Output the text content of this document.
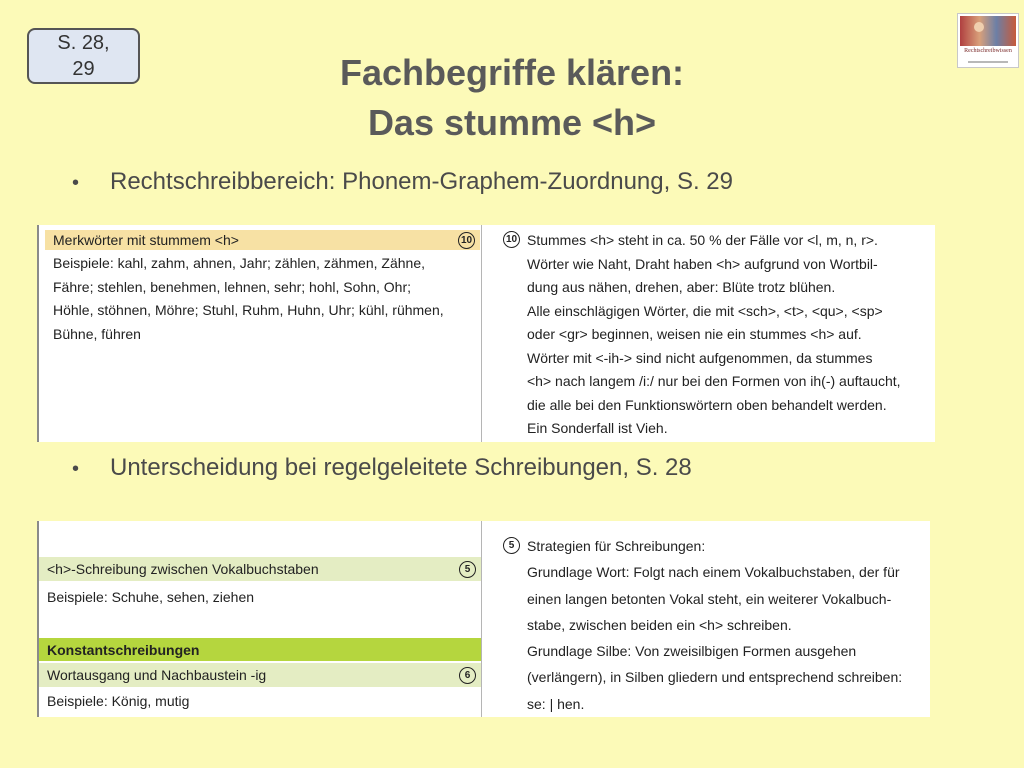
S. 28,
29
Rechtschreibwissen
Fachbegriffe klären:
Das stumme <h>
•	Rechtschreibbereich: Phonem-Graphem-Zuordnung, S. 29
Merkwörter mit stummem <h>	10
Beispiele: kahl, zahm, ahnen, Jahr; zählen, zähmen, Zähne,
Fähre; stehlen, benehmen, lehnen, sehr; hohl, Sohn, Ohr;
Höhle, stöhnen, Möhre; Stuhl, Ruhm, Huhn, Uhr; kühl, rühmen,
Bühne, führen
10 Stummes <h> steht in ca. 50 % der Fälle vor <l, m, n, r>.
Wörter wie Naht, Draht haben <h> aufgrund von Wortbil-
dung aus nähen, drehen, aber: Blüte trotz blühen.
Alle einschlägigen Wörter, die mit <sch>, <t>, <qu>, <sp>
oder <gr> beginnen, weisen nie ein stummes <h> auf.
Wörter mit <-ih-> sind nicht aufgenommen, da stummes
<h> nach langem /i:/ nur bei den Formen von ih(-) auftaucht,
die alle bei den Funktionswörtern oben behandelt werden.
Ein Sonderfall ist Vieh.
•	Unterscheidung bei regelgeleitete Schreibungen, S. 28
<h>-Schreibung zwischen Vokalbuchstaben	5
Beispiele: Schuhe, sehen, ziehen
Konstantschreibungen
Wortausgang und Nachbaustein -ig	6
Beispiele: König, mutig
5 Strategien für Schreibungen:
Grundlage Wort: Folgt nach einem Vokalbuchstaben, der für
einen langen betonten Vokal steht, ein weiterer Vokalbuch-
stabe, zwischen beiden ein <h> schreiben.
Grundlage Silbe: Von zweisilbigen Formen ausgehen
(verlängern), in Silben gliedern und entsprechend schreiben:
se: | hen.
